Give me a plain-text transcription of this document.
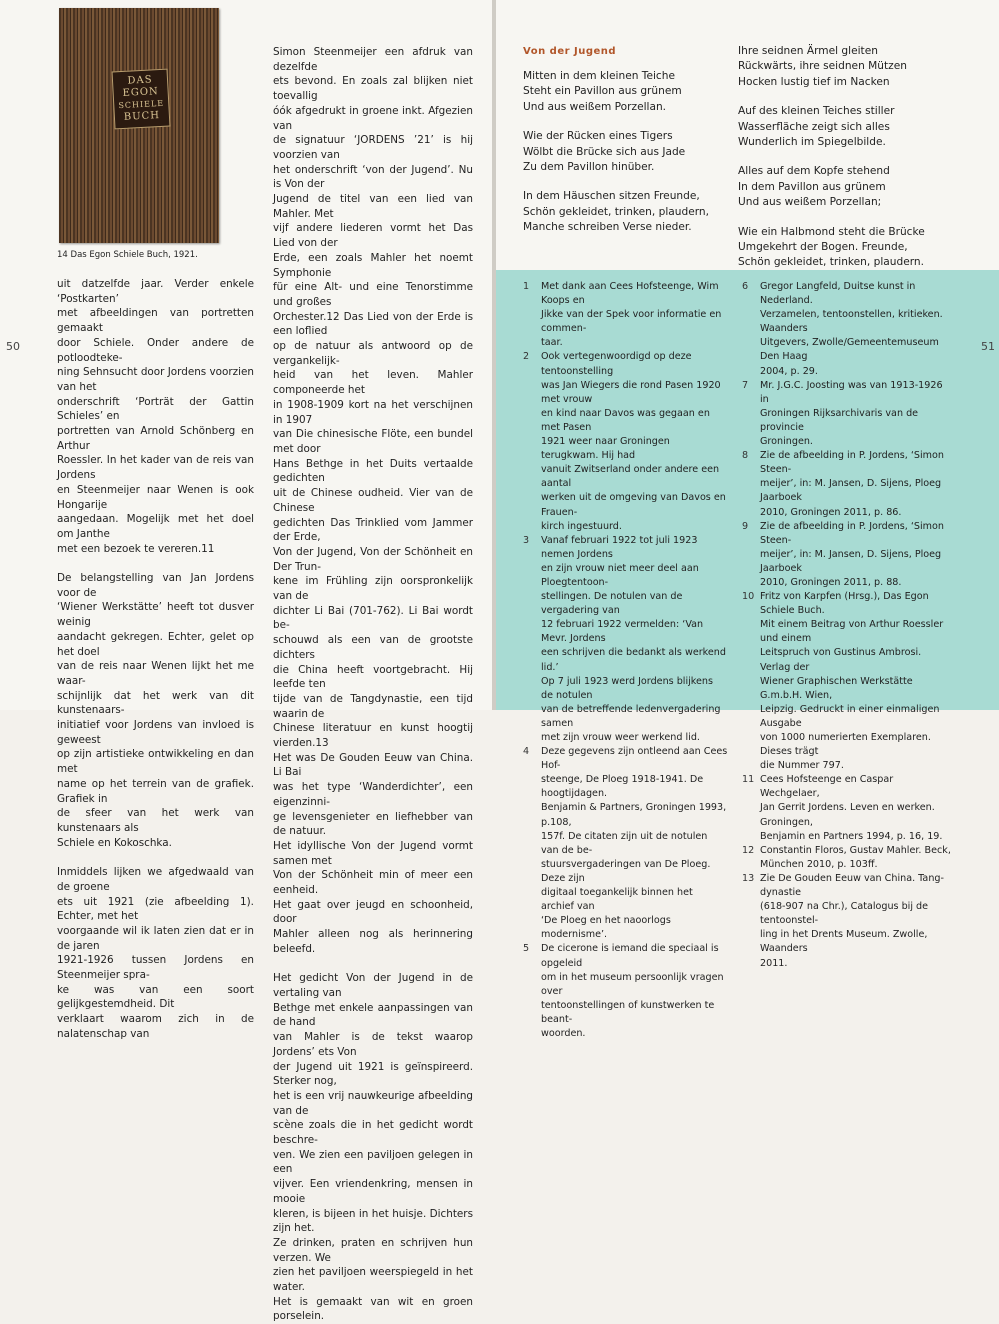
DAS
EGON
SCHIELE
BUCH
14 Das Egon Schiele Buch, 1921.
uit datzelfde jaar. Verder enkele ‘Postkarten’
met afbeeldingen van portretten gemaakt
door Schiele. Onder andere de potloodteke-
ning Sehnsucht door Jordens voorzien van het
onderschrift ‘Porträt der Gattin Schieles’ en
portretten van Arnold Schönberg en Arthur
Roessler. In het kader van de reis van Jordens
en Steenmeijer naar Wenen is ook Hongarije
aangedaan. Mogelijk met het doel om Janthe
met een bezoek te vereren.11
De belangstelling van Jan Jordens voor de
‘Wiener Werkstätte’ heeft tot dusver weinig
aandacht gekregen. Echter, gelet op het doel
van de reis naar Wenen lijkt het me waar-
schijnlijk dat het werk van dit kunstenaars-
initiatief voor Jordens van invloed is geweest
op zijn artistieke ontwikkeling en dan met
name op het terrein van de grafiek. Grafiek in
de sfeer van het werk van kunstenaars als
Schiele en Kokoschka.
Inmiddels lijken we afgedwaald van de groene
ets uit 1921 (zie afbeelding 1). Echter, met het
voorgaande wil ik laten zien dat er in de jaren
1921-1926 tussen Jordens en Steenmeijer spra-
ke was van een soort gelijkgestemdheid. Dit
verklaart waarom zich in de nalatenschap van
Simon Steenmeijer een afdruk van dezelfde
ets bevond. En zoals zal blijken niet toevallig
óók afgedrukt in groene inkt. Afgezien van
de signatuur ‘JORDENS ’21’ is hij voorzien van
het onderschrift ‘von der Jugend’. Nu is Von der
Jugend de titel van een lied van Mahler. Met
vijf andere liederen vormt het Das Lied von der
Erde, een zoals Mahler het noemt Symphonie
für eine Alt- und eine Tenorstimme und großes
Orchester.12 Das Lied von der Erde is een loflied
op de natuur als antwoord op de vergankelijk-
heid van het leven. Mahler componeerde het
in 1908-1909 kort na het verschijnen in 1907
van Die chinesische Flöte, een bundel met door
Hans Bethge in het Duits vertaalde gedichten
uit de Chinese oudheid. Vier van de Chinese
gedichten Das Trinklied vom Jammer der Erde,
Von der Jugend, Von der Schönheit en Der Trun-
kene im Frühling zijn oorspronkelijk van de
dichter Li Bai (701-762). Li Bai wordt be-
schouwd als een van de grootste dichters
die China heeft voortgebracht. Hij leefde ten
tijde van de Tangdynastie, een tijd waarin de
Chinese literatuur en kunst hoogtij vierden.13
Het was De Gouden Eeuw van China. Li Bai
was het type ‘Wanderdichter’, een eigenzinni-
ge levensgenieter en liefhebber van de natuur.
Het idyllische Von der Jugend vormt samen met
Von der Schönheit min of meer een eenheid.
Het gaat over jeugd en schoonheid, door
Mahler alleen nog als herinnering beleefd.
Het gedicht Von der Jugend in de vertaling van
Bethge met enkele aanpassingen van de hand
van Mahler is de tekst waarop Jordens’ ets Von
der Jugend uit 1921 is geïnspireerd. Sterker nog,
het is een vrij nauwkeurige afbeelding van de
scène zoals die in het gedicht wordt beschre-
ven. We zien een paviljoen gelegen in een
vijver. Een vriendenkring, mensen in mooie
kleren, is bijeen in het huisje. Dichters zijn het.
Ze drinken, praten en schrijven hun verzen. We
zien het paviljoen weerspiegeld in het water.
Het is gemaakt van wit en groen porselein.
50
Von der Jugend
Mitten in dem kleinen Teiche
Steht ein Pavillon aus grünem
Und aus weißem Porzellan.
Wie der Rücken eines Tigers
Wölbt die Brücke sich aus Jade
Zu dem Pavillon hinüber.
In dem Häuschen sitzen Freunde,
Schön gekleidet, trinken, plaudern,
Manche schreiben Verse nieder.
Ihre seidnen Ärmel gleiten
Rückwärts, ihre seidnen Mützen
Hocken lustig tief im Nacken
Auf des kleinen Teiches stiller
Wasserfläche zeigt sich alles
Wunderlich im Spiegelbilde.
Alles auf dem Kopfe stehend
In dem Pavillon aus grünem
Und aus weißem Porzellan;
Wie ein Halbmond steht die Brücke
Umgekehrt der Bogen. Freunde,
Schön gekleidet, trinken, plaudern.
1	Met dank aan Cees Hofsteenge, Wim Koops en
Jikke van der Spek voor informatie en commen-
taar.
2	Ook vertegenwoordigd op deze tentoonstelling
was Jan Wiegers die rond Pasen 1920 met vrouw
en kind naar Davos was gegaan en met Pasen
1921 weer naar Groningen terugkwam. Hij had
vanuit Zwitserland onder andere een aantal
werken uit de omgeving van Davos en Frauen-
kirch ingestuurd.
3	Vanaf februari 1922 tot juli 1923 nemen Jordens
en zijn vrouw niet meer deel aan Ploegtentoon-
stellingen. De notulen van de vergadering van
12 februari 1922 vermelden: ‘Van Mevr. Jordens
een schrijven die bedankt als werkend lid.’
Op 7 juli 1923 werd Jordens blijkens de notulen
van de betreffende ledenvergadering samen
met zijn vrouw weer werkend lid.
4	Deze gegevens zijn ontleend aan Cees Hof-
steenge, De Ploeg 1918-1941. De hoogtijdagen.
Benjamin & Partners, Groningen 1993, p.108,
157f. De citaten zijn uit de notulen van de be-
stuursvergaderingen van De Ploeg. Deze zijn
digitaal toegankelijk binnen het archief van
‘De Ploeg en het naoorlogs modernisme’.
5	De cicerone is iemand die speciaal is opgeleid
om in het museum persoonlijk vragen over
tentoonstellingen of kunstwerken te beant-
woorden.
6	Gregor Langfeld, Duitse kunst in Nederland.
Verzamelen, tentoonstellen, kritieken. Waanders
Uitgevers, Zwolle/Gemeentemuseum Den Haag
2004, p. 29.
7	Mr. J.G.C. Joosting was van 1913-1926 in
Groningen Rijksarchivaris van de provincie
Groningen.
8	Zie de afbeelding in P. Jordens, ‘Simon Steen-
meijer’, in: M. Jansen, D. Sijens, Ploeg Jaarboek
2010, Groningen 2011, p. 86.
9	Zie de afbeelding in P. Jordens, ‘Simon Steen-
meijer’, in: M. Jansen, D. Sijens, Ploeg Jaarboek
2010, Groningen 2011, p. 88.
10 Fritz von Karpfen (Hrsg.), Das Egon Schiele Buch.
Mit einem Beitrag von Arthur Roessler und einem
Leitspruch von Gustinus Ambrosi. Verlag der
Wiener Graphischen Werkstätte G.m.b.H. Wien,
Leipzig. Gedruckt in einer einmaligen Ausgabe
von 1000 numerierten Exemplaren. Dieses trägt
die Nummer 797.
11 Cees Hofsteenge en Caspar Wechgelaer,
Jan Gerrit Jordens. Leven en werken. Groningen,
Benjamin en Partners 1994, p. 16, 19.
12 Constantin Floros, Gustav Mahler. Beck,
München 2010, p. 103ff.
13 Zie De Gouden Eeuw van China. Tang-dynastie
(618-907 na Chr.), Catalogus bij de tentoonstel-
ling in het Drents Museum. Zwolle, Waanders
2011.
51
